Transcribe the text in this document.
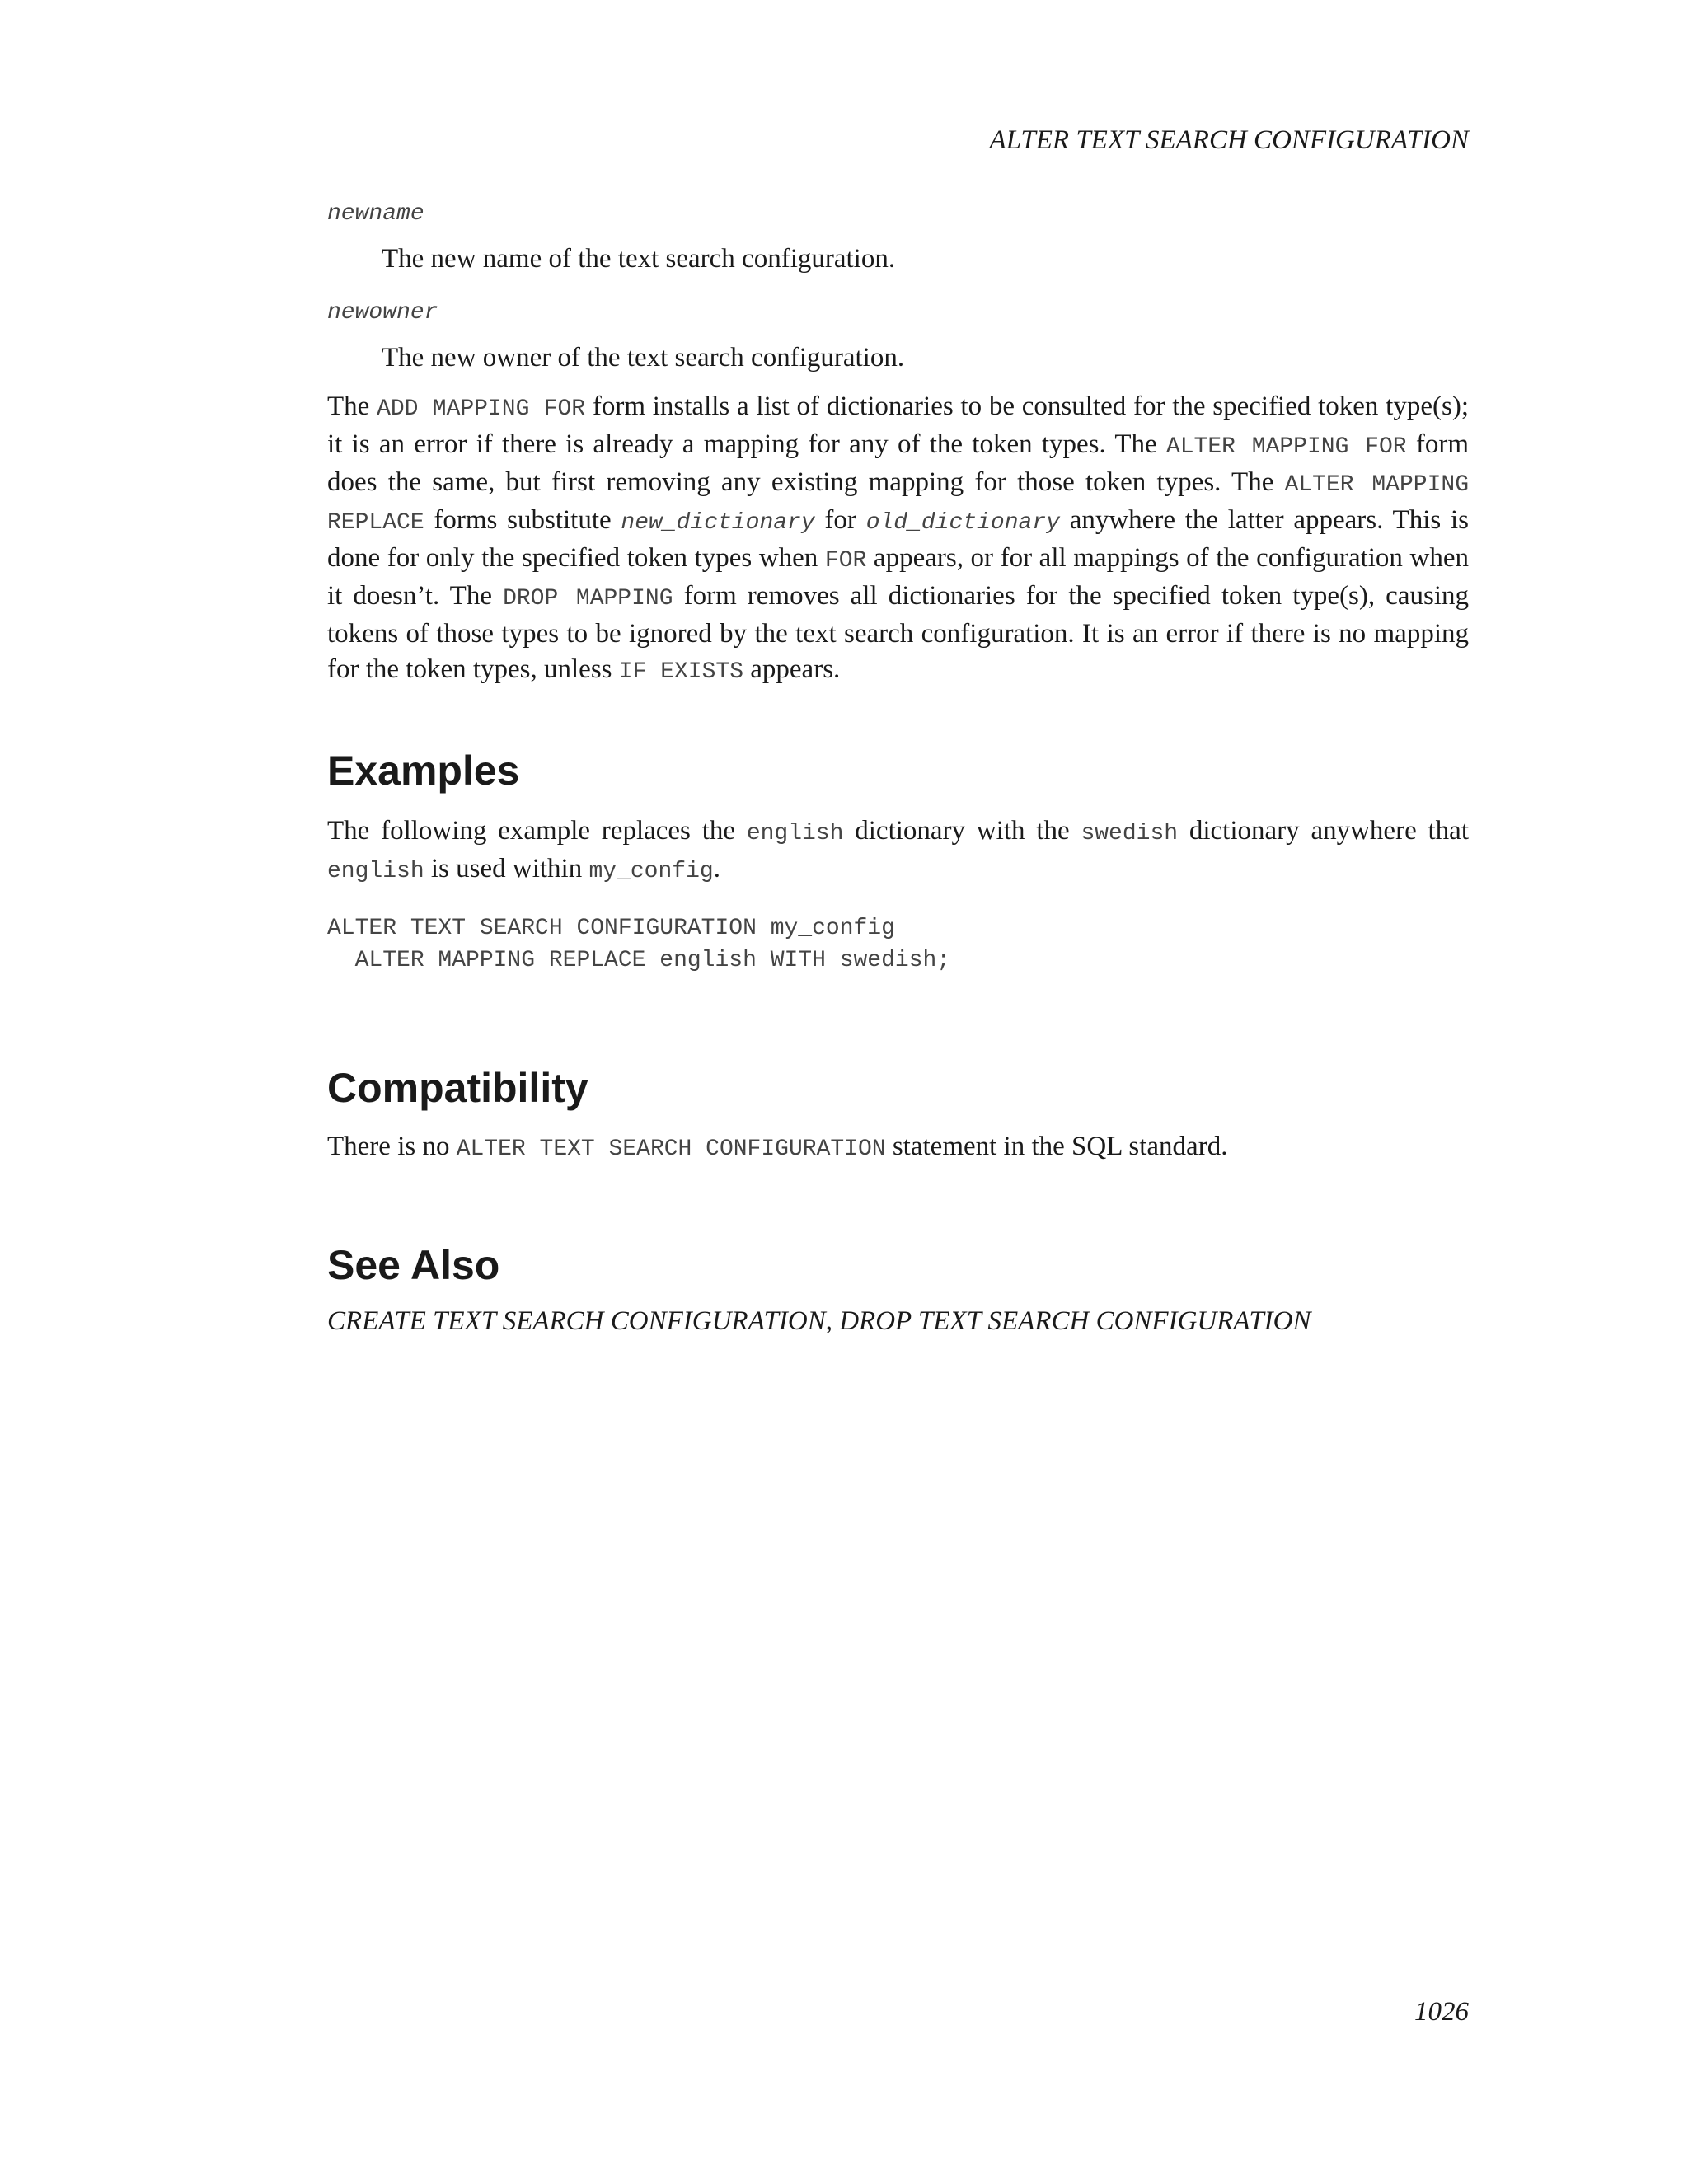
ALTER TEXT SEARCH CONFIGURATION
newname
The new name of the text search configuration.
newowner
The new owner of the text search configuration.
The ADD MAPPING FOR form installs a list of dictionaries to be consulted for the specified token type(s); it is an error if there is already a mapping for any of the token types. The ALTER MAPPING FOR form does the same, but first removing any existing mapping for those token types. The ALTER MAPPING REPLACE forms substitute new_dictionary for old_dictionary anywhere the latter appears. This is done for only the specified token types when FOR appears, or for all mappings of the configuration when it doesn’t. The DROP MAPPING form removes all dictionaries for the specified token type(s), causing tokens of those types to be ignored by the text search configuration. It is an error if there is no mapping for the token types, unless IF EXISTS appears.
Examples
The following example replaces the english dictionary with the swedish dictionary anywhere that english is used within my_config.
ALTER TEXT SEARCH CONFIGURATION my_config
ALTER MAPPING REPLACE english WITH swedish;
Compatibility
There is no ALTER TEXT SEARCH CONFIGURATION statement in the SQL standard.
See Also
CREATE TEXT SEARCH CONFIGURATION, DROP TEXT SEARCH CONFIGURATION
1026
